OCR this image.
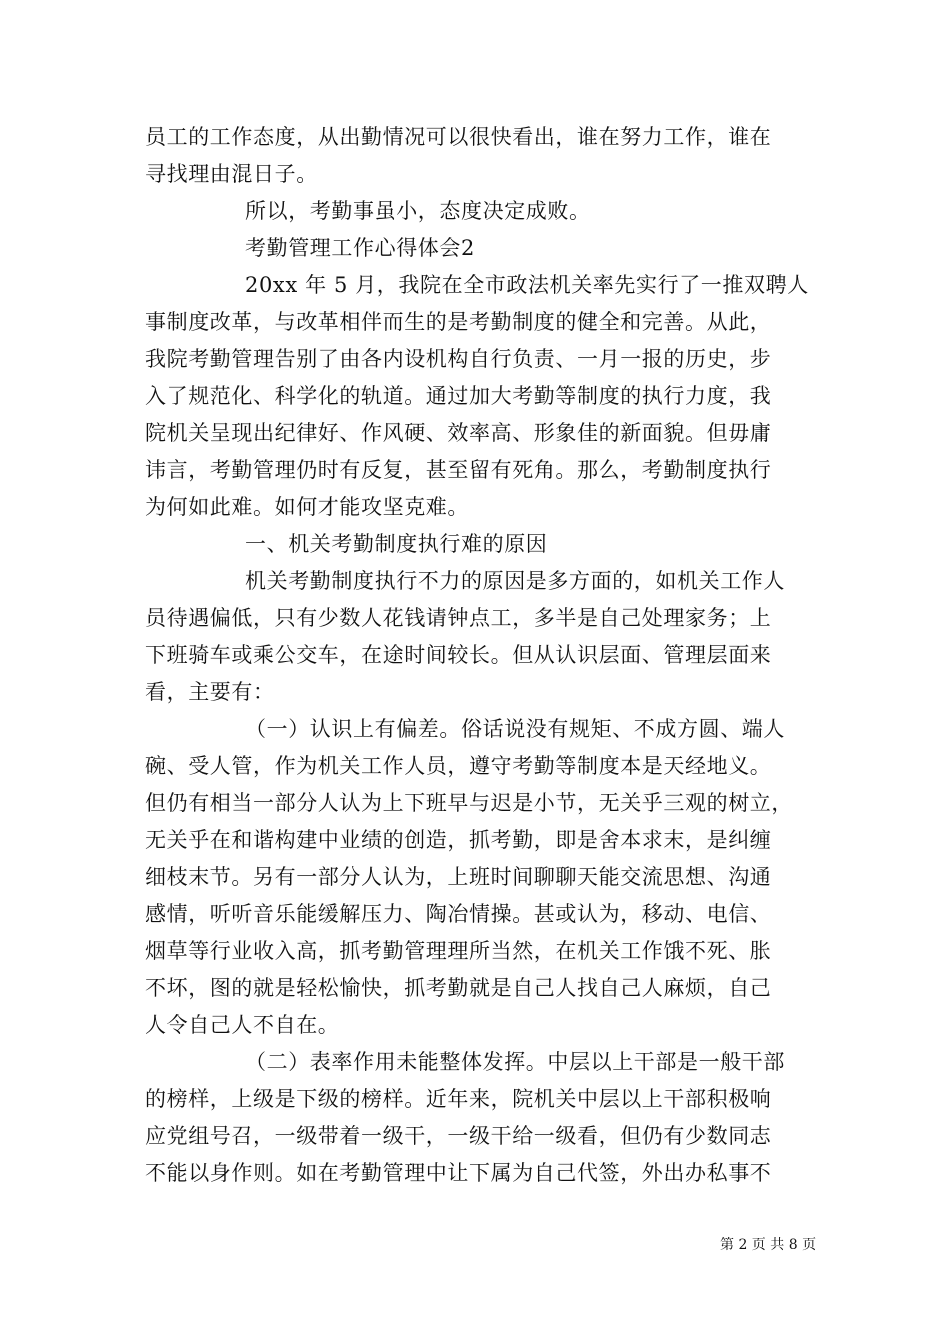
员工的工作态度，从出勤情况可以很快看出，谁在努力工作，谁在
寻找理由混日子。
所以，考勤事虽小，态度决定成败。
考勤管理工作心得体会2
20xx 年 5 月，我院在全市政法机关率先实行了一推双聘人
事制度改革，与改革相伴而生的是考勤制度的健全和完善。从此，
我院考勤管理告别了由各内设机构自行负责、一月一报的历史，步
入了规范化、科学化的轨道。通过加大考勤等制度的执行力度，我
院机关呈现出纪律好、作风硬、效率高、形象佳的新面貌。但毋庸
讳言，考勤管理仍时有反复，甚至留有死角。那么，考勤制度执行
为何如此难。如何才能攻坚克难。
一、机关考勤制度执行难的原因
机关考勤制度执行不力的原因是多方面的，如机关工作人
员待遇偏低，只有少数人花钱请钟点工，多半是自己处理家务；上
下班骑车或乘公交车，在途时间较长。但从认识层面、管理层面来
看，主要有：
（一）认识上有偏差。俗话说没有规矩、不成方圆、端人
碗、受人管，作为机关工作人员，遵守考勤等制度本是天经地义。
但仍有相当一部分人认为上下班早与迟是小节，无关乎三观的树立，
无关乎在和谐构建中业绩的创造，抓考勤，即是舍本求末，是纠缠
细枝末节。另有一部分人认为，上班时间聊聊天能交流思想、沟通
感情，听听音乐能缓解压力、陶冶情操。甚或认为，移动、电信、
烟草等行业收入高，抓考勤管理理所当然，在机关工作饿不死、胀
不坏，图的就是轻松愉快，抓考勤就是自己人找自己人麻烦，自己
人令自己人不自在。
（二）表率作用未能整体发挥。中层以上干部是一般干部
的榜样，上级是下级的榜样。近年来，院机关中层以上干部积极响
应党组号召，一级带着一级干，一级干给一级看，但仍有少数同志
不能以身作则。如在考勤管理中让下属为自己代签，外出办私事不
第 2 页 共 8 页
